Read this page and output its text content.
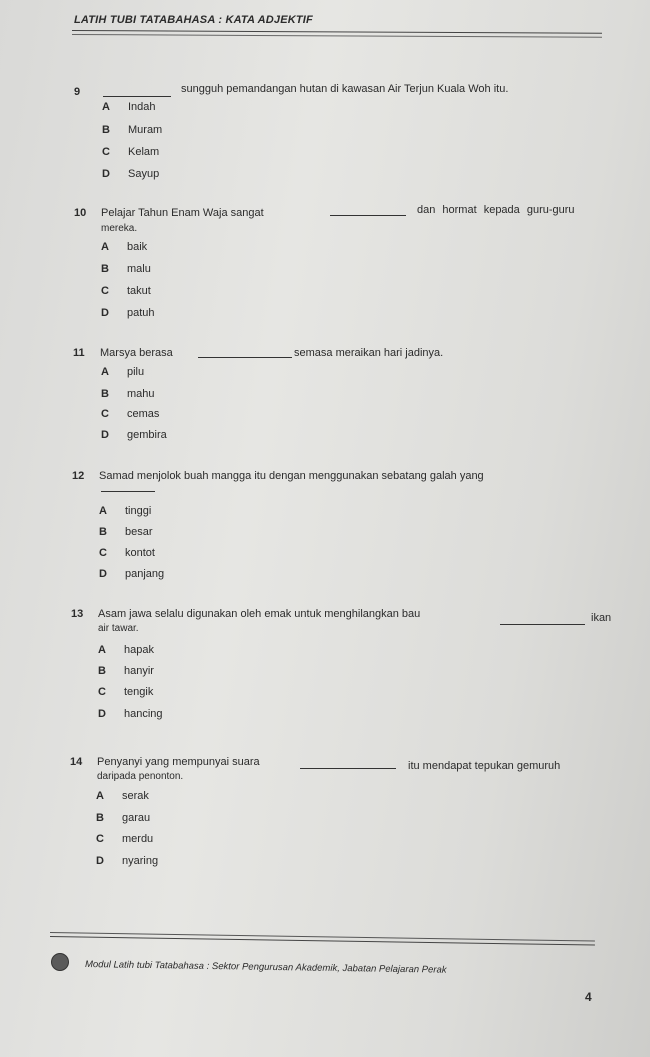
LATIH TUBI TATABAHASA : KATA ADJEKTIF
9	sungguh pemandangan hutan di kawasan Air Terjun Kuala Woh itu.
A Indah
B Muram
C Kelam
D Sayup
10 Pelajar Tahun Enam Waja sangat	dan hormat kepada guru-guru
mereka.
A baik
B malu
C takut
D patuh
11 Marsya berasa	semasa meraikan hari jadinya.
A pilu
B mahu
C cemas
D gembira
12 Samad menjolok buah mangga itu dengan menggunakan sebatang galah yang
A tinggi
B besar
C kontot
D panjang
13 Asam jawa selalu digunakan oleh emak untuk menghilangkan bau	ikan
air tawar.
A hapak
B hanyir
C tengik
D hancing
14 Penyanyi yang mempunyai suara	itu mendapat tepukan gemuruh
daripada penonton.
A serak
B garau
C merdu
D nyaring
Modul Latih tubi Tatabahasa : Sektor Pengurusan Akademik, Jabatan Pelajaran Perak
4
